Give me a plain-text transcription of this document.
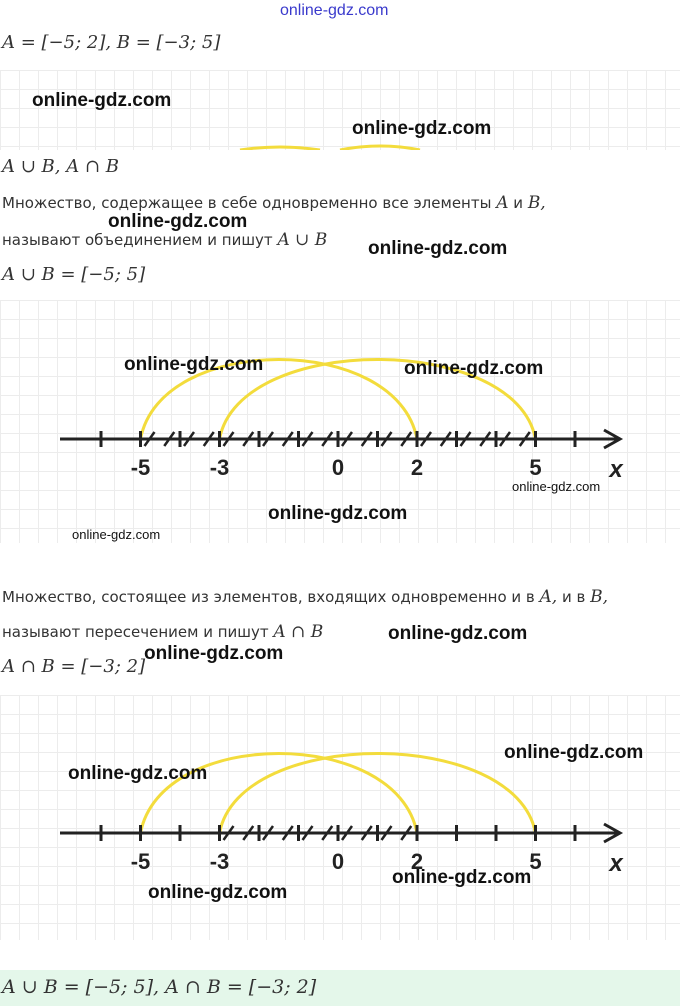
online-gdz.com
A = [−5; 2], B = [−3; 5]
online-gdz.com
online-gdz.com
A ∪ B, A ∩ B
Множество, содержащее в себе одновременно все элементы A и B,
online-gdz.com
называют объединением и пишут A ∪ B online-gdz.com
A ∪ B = [−5; 5]
-5	-3	0	2	5	x
online-gdz.com	online-gdz.com
online-gdz.com
online-gdz.com
online-gdz.com
Множество, состоящее из элементов, входящих одновременно и в A, и в B,
называют пересечением и пишут A ∩ B	online-gdz.com
online-gdz.com
A ∩ B = [−3; 2]
-5	-3	0	2	5	x
online-gdz.com
online-gdz.com
online-gdz.com
online-gdz.com
A ∪ B = [−5; 5], A ∩ B = [−3; 2]
